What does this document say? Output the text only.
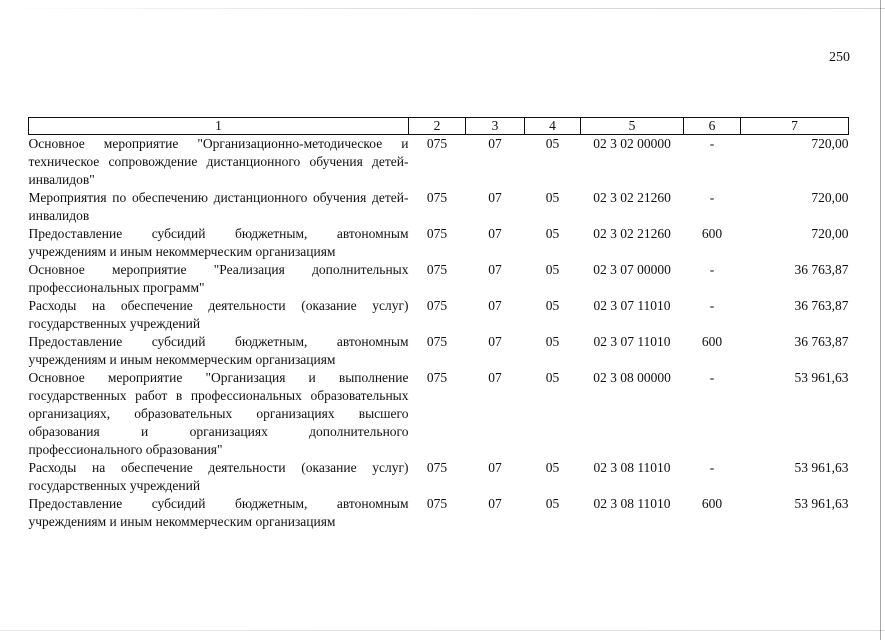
250
1	2	3	4	5	6	7
Основное мероприятие "Организационно-методическое и техническое сопровождение дистанционного обучения детей-инвалидов"	075	07	05	02 3 02 00000	-	720,00
Мероприятия по обеспечению дистанционного обучения детей-инвалидов	075	07	05	02 3 02 21260	-	720,00
Предоставление субсидий бюджетным, автономным учреждениям и иным некоммерческим организациям	075	07	05	02 3 02 21260	600	720,00
Основное мероприятие "Реализация дополнительных профессиональных программ"	075	07	05	02 3 07 00000	-	36 763,87
Расходы на обеспечение деятельности (оказание услуг) государственных учреждений	075	07	05	02 3 07 11010	-	36 763,87
Предоставление субсидий бюджетным, автономным учреждениям и иным некоммерческим организациям	075	07	05	02 3 07 11010	600	36 763,87
Основное мероприятие "Организация и выполнение государственных работ в профессиональных образовательных организациях, образовательных организациях высшего образования и организациях дополнительного профессионального образования"	075	07	05	02 3 08 00000	-	53 961,63
Расходы на обеспечение деятельности (оказание услуг) государственных учреждений	075	07	05	02 3 08 11010	-	53 961,63
Предоставление субсидий бюджетным, автономным учреждениям и иным некоммерческим организациям	075	07	05	02 3 08 11010	600	53 961,63
